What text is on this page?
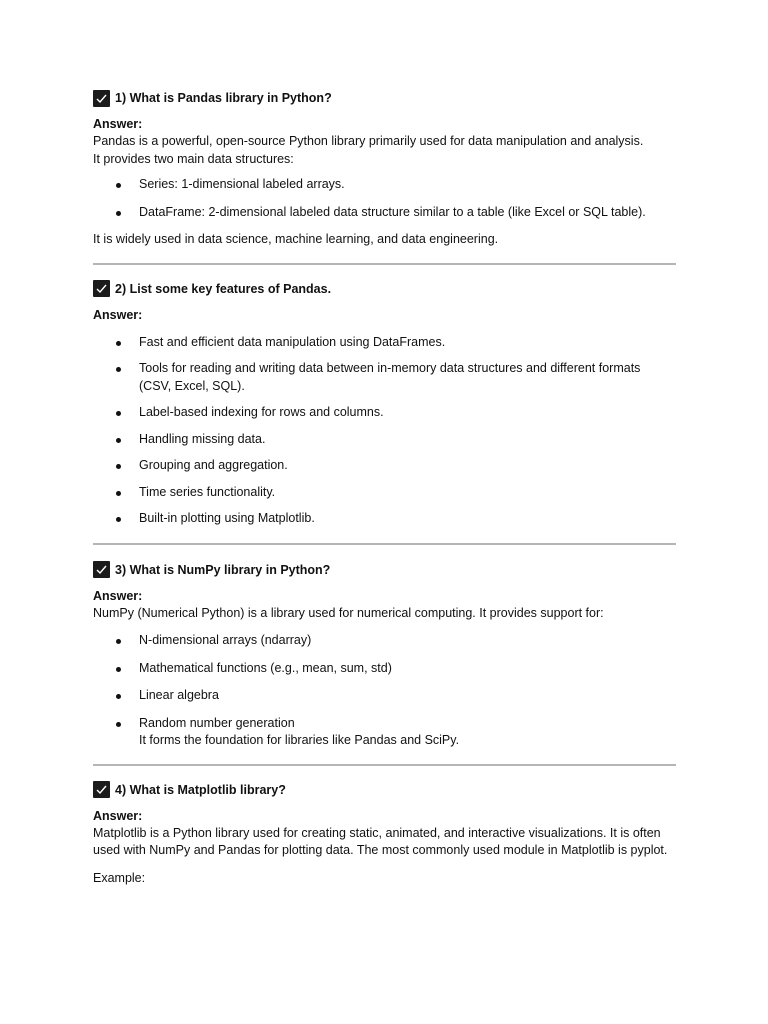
1) What is Pandas library in Python?

Answer:

Pandas is a powerful, open-source Python library primarily used for data manipulation and analysis.

It provides two main data structures:

Series: 1-dimensional labeled arrays.
DataFrame: 2-dimensional labeled data structure similar to a table (like Excel or SQL table).

It is widely used in data science, machine learning, and data engineering.

2) List some key features of Pandas.

Answer:

Fast and efficient data manipulation using DataFrames.
Tools for reading and writing data between in-memory data structures and different formats (CSV, Excel, SQL).
Label-based indexing for rows and columns.
Handling missing data.
Grouping and aggregation.
Time series functionality.
Built-in plotting using Matplotlib.
3) What is NumPy library in Python?

Answer:

NumPy (Numerical Python) is a library used for numerical computing. It provides support for:

N-dimensional arrays (ndarray)
Mathematical functions (e.g., mean, sum, std)
Linear algebra
Random number generation
It forms the foundation for libraries like Pandas and SciPy.
4) What is Matplotlib library?

Answer:

Matplotlib is a Python library used for creating static, animated, and interactive visualizations. It is often used with NumPy and Pandas for plotting data. The most commonly used module in Matplotlib is pyplot.

Example:
